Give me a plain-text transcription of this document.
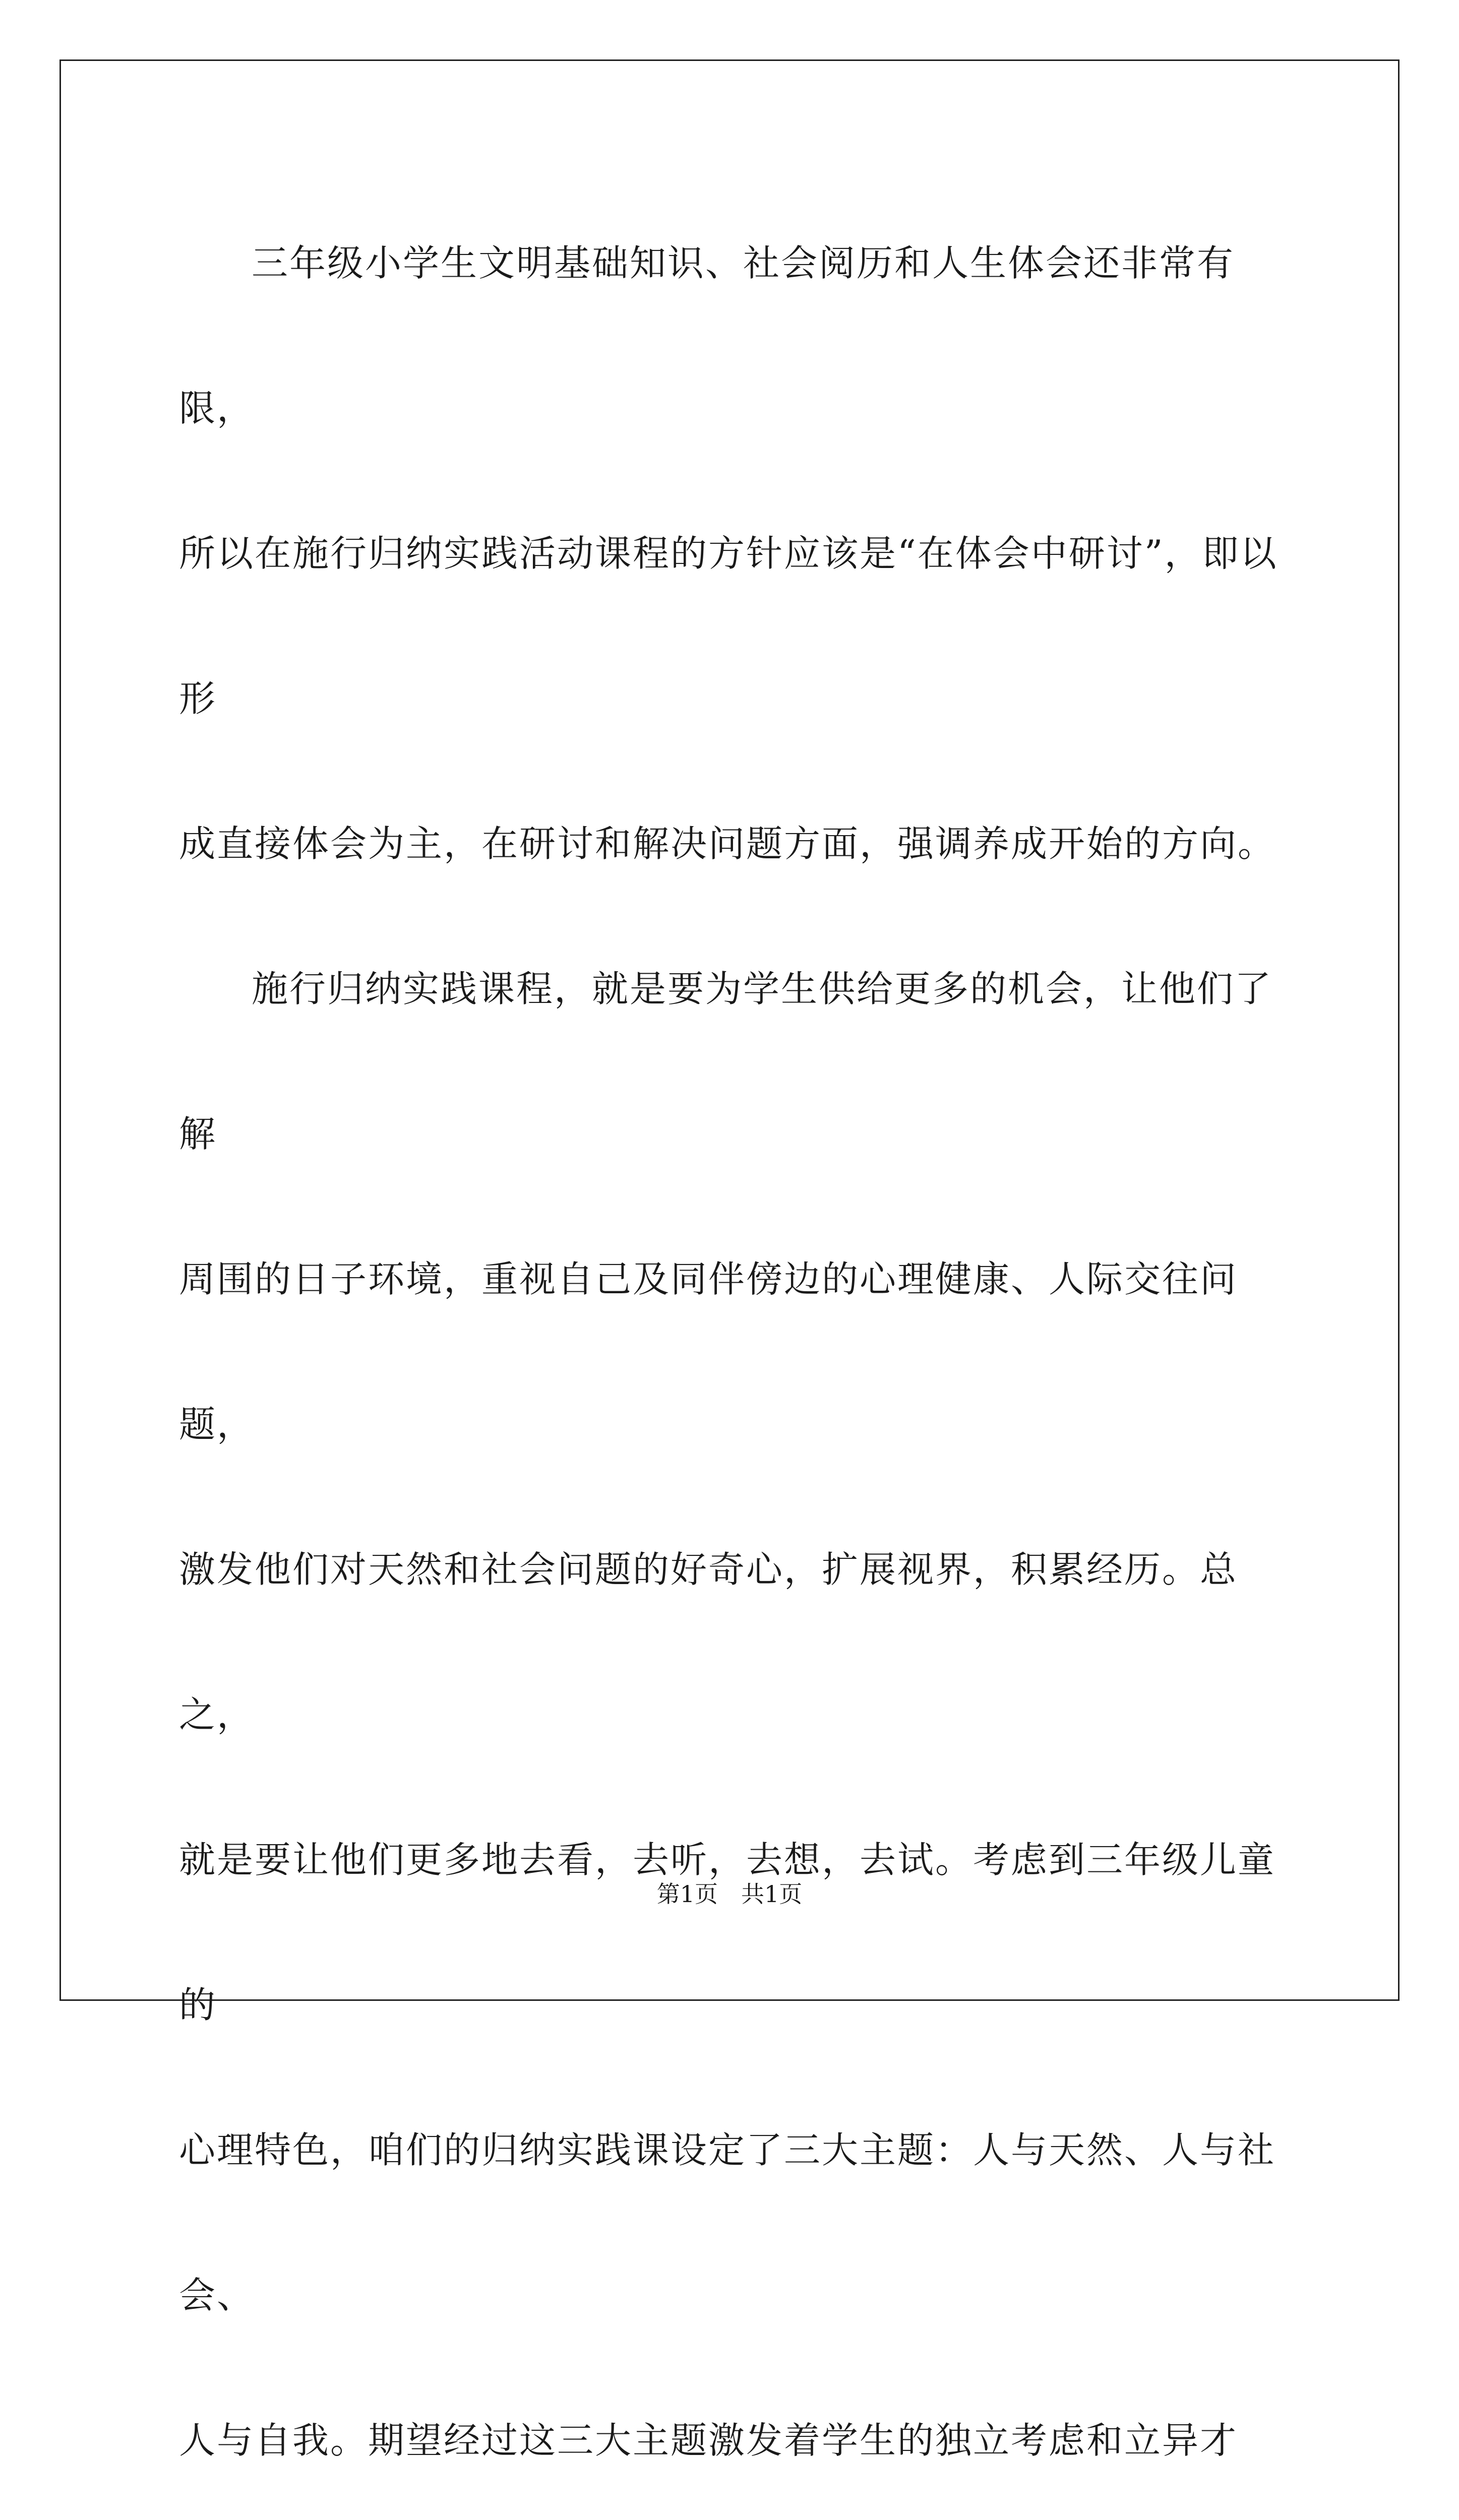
三年级小学生文明基础知识、社会阅历和人生体会还非常有限，
所以在施行归纳实践活动课程的方针应该是“在体会中研讨”，即以形
成直接体会为主，在研讨和解决问题方面，强调养成开始的方向。

施行归纳实践课程，就是要为学生供给更多的机会，让他们了解
周围的日子环境，重视自己及同伴傍边的心理健康、人际交往问题，
激发他们对天然和社会问题的好奇心，扩展视界，积累经历。总之，
就是要让他们更多地去看，去听，去想，去试。考虑到三年级儿童的
心理特色，咱们的归纳实践课设定了三大主题：人与天然、人与社会、
人与自我。期望经过这三大主题激发着学生的独立考虑和立异才

第1页 共1页
